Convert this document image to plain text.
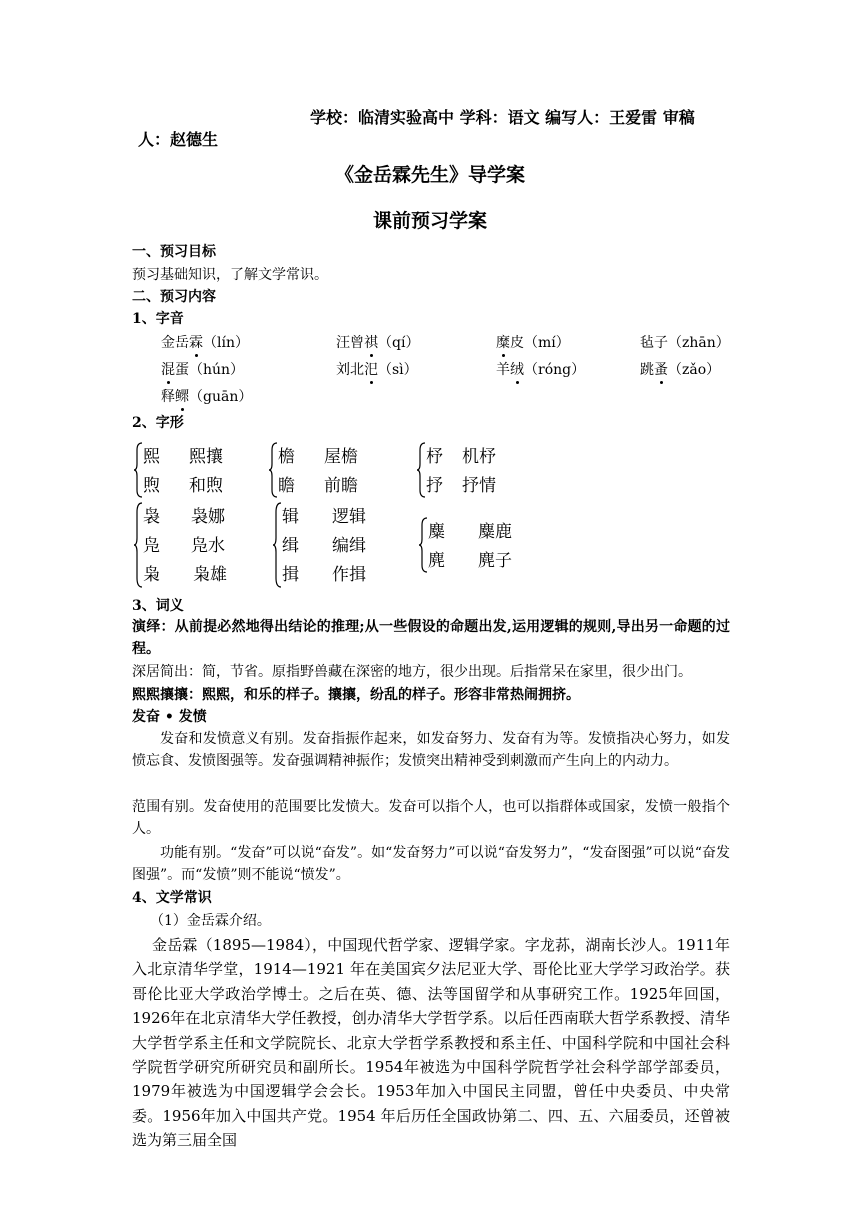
学校：临清实验高中 学科：语文 编写人：王爱雷 审稿
人：赵德生
《金岳霖先生》导学案
课前预习学案
一、预习目标
预习基础知识，了解文学常识。
二、预习内容
1、字音
金岳霖（lín）	汪曾祺（qí）	糜皮（mí）	毡子（zhān）
混蛋（hún）	刘北汜（sì）	羊绒（róng）	跳蚤（zǎo）
释鳏（guān）
2、字形
熙 熙攘
煦 和煦
檐 屋檐
瞻 前瞻
杼 机杼
抒 抒情
袅 袅娜
凫 凫水
枭 枭雄
辑 逻辑
缉 编缉
揖 作揖
麋 麋鹿
麂 麂子
3、词义
演绎：从前提必然地得出结论的推理;从一些假设的命题出发,运用逻辑的规则,导出另一命题的过程。
深居简出：简，节省。原指野兽藏在深密的地方，很少出现。后指常呆在家里，很少出门。
熙熙攘攘：熙熙，和乐的样子。攘攘，纷乱的样子。形容非常热闹拥挤。
发奋 • 发愤
发奋和发愤意义有别。发奋指振作起来，如发奋努力、发奋有为等。发愤指决心努力，如发愤忘食、发愤图强等。发奋强调精神振作；发愤突出精神受到刺激而产生向上的内动力。
范围有别。发奋使用的范围要比发愤大。发奋可以指个人，也可以指群体或国家，发愤一般指个人。
功能有别。“发奋”可以说“奋发”。如“发奋努力”可以说“奋发努力”，“发奋图强”可以说“奋发图强”。而“发愤”则不能说“愤发”。
4、文学常识
（1）金岳霖介绍。
金岳霖（1895—1984），中国现代哲学家、逻辑学家。字龙荪，湖南长沙人。1911年入北京清华学堂，1914—1921 年在美国宾夕法尼亚大学、哥伦比亚大学学习政治学。获哥伦比亚大学政治学博士。之后在英、德、法等国留学和从事研究工作。1925年回国，1926年在北京清华大学任教授，创办清华大学哲学系。以后任西南联大哲学系教授、清华大学哲学系主任和文学院院长、北京大学哲学系教授和系主任、中国科学院和中国社会科学院哲学研究所研究员和副所长。1954年被选为中国科学院哲学社会科学部学部委员，1979年被选为中国逻辑学会会长。1953年加入中国民主同盟，曾任中央委员、中央常委。1956年加入中国共产党。1954 年后历任全国政协第二、四、五、六届委员，还曾被选为第三届全国
